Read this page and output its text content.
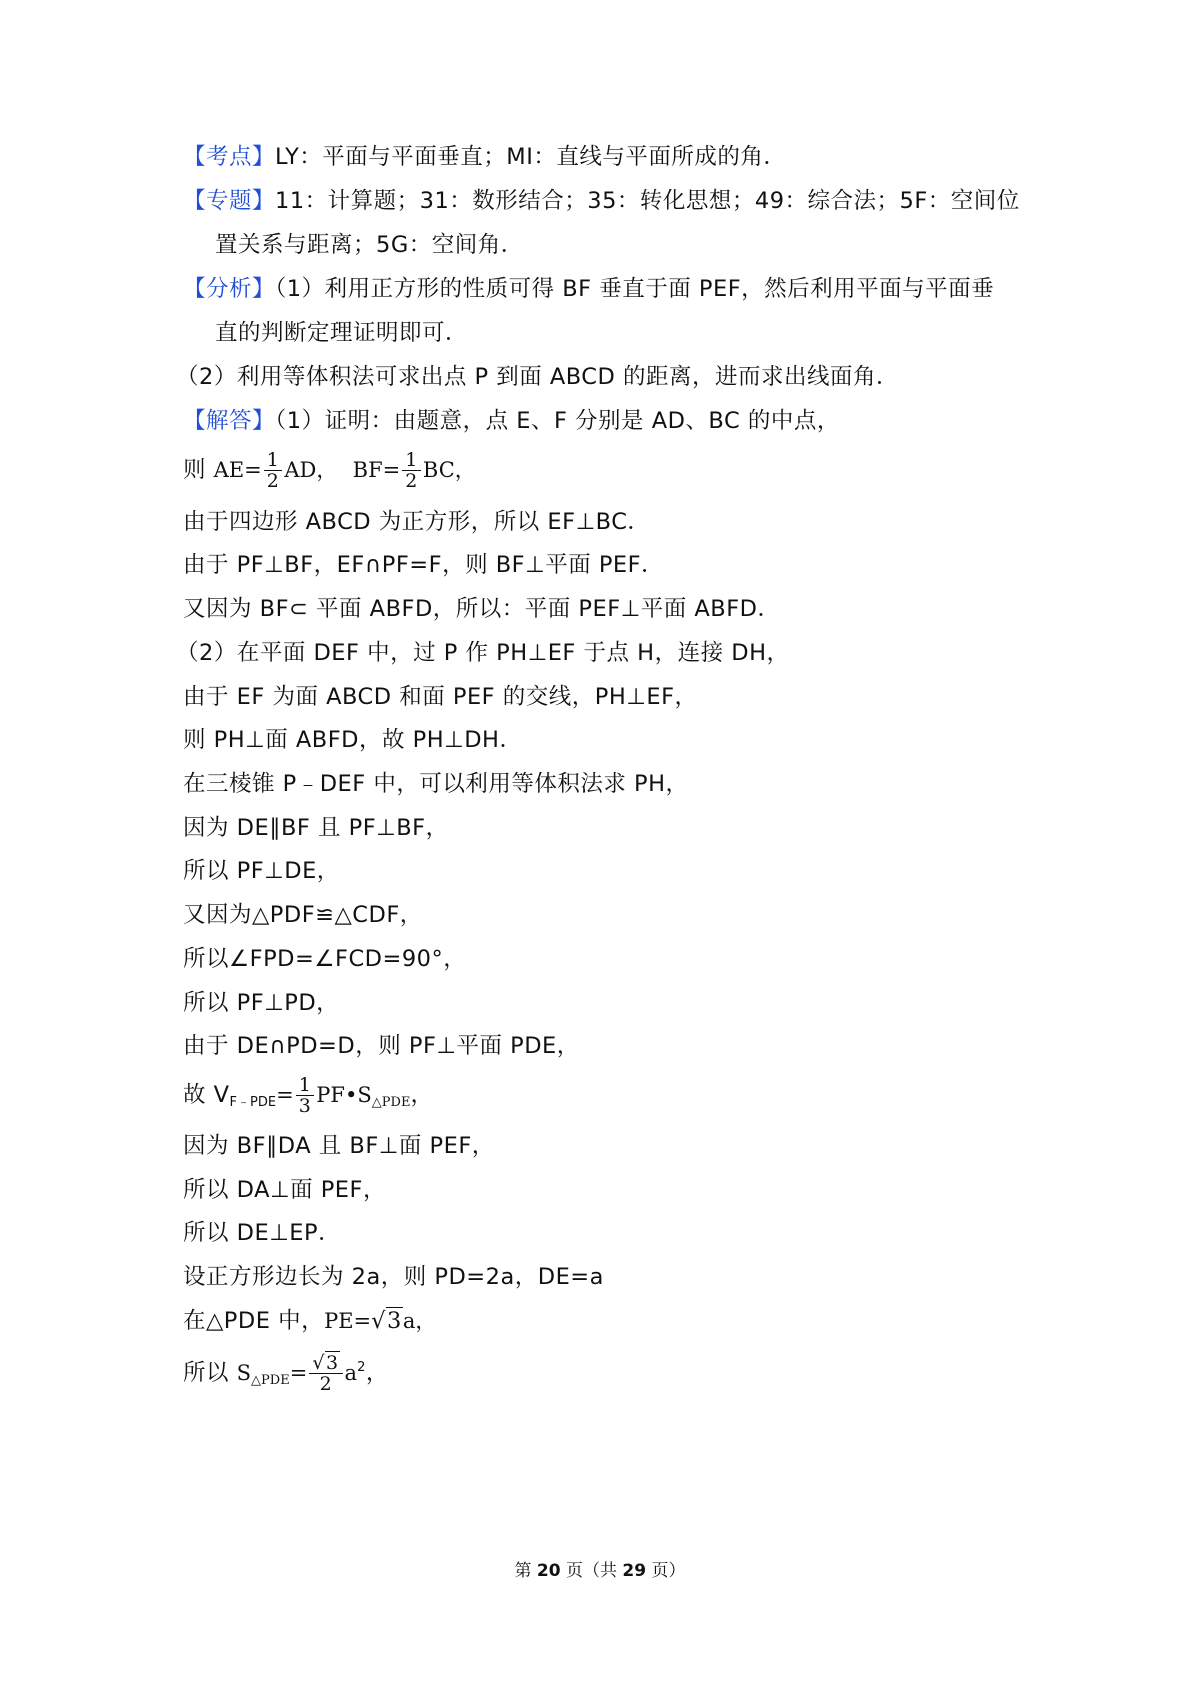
【考点】LY：平面与平面垂直；MI：直线与平面所成的角．
【专题】11：计算题；31：数形结合；35：转化思想；49：综合法；5F：空间位
置关系与距离；5G：空间角．
【分析】（1）利用正方形的性质可得 BF 垂直于面 PEF，然后利用平面与平面垂
直的判断定理证明即可．
（2）利用等体积法可求出点 P 到面 ABCD 的距离，进而求出线面角．
【解答】（1）证明：由题意，点 E、F 分别是 AD、BC 的中点，
则 $AE= \frac{1}{2}$ AD， $BF= \frac{1}{2}$ BC，
由于四边形 ABCD 为正方形，所以 EF⊥BC．
由于 PF⊥BF，EF∩PF=F，则 BF⊥平面 PEF．
又因为 BF⊂ 平面 ABFD，所以：平面 PEF⊥平面 ABFD．
（2）在平面 DEF 中，过 P 作 PH⊥EF 于点 H，连接 DH，
由于 EF 为面 ABCD 和面 PEF 的交线，PH⊥EF，
则 PH⊥面 ABFD，故 PH⊥DH．
在三棱锥 P﹣DEF 中，可以利用等体积法求 PH，
因为 DE∥BF 且 PF⊥BF，
所以 PF⊥DE，
又因为△PDF≌△CDF，
所以∠FPD=∠FCD=90°，
所以 PF⊥PD，
由于 DE∩PD=D，则 PF⊥平面 PDE，
故 $V_{F﹣PDE}= \frac{1}{3}$ $PF•S_{\triangle PDE}$，
因为 BF∥DA 且 BF⊥面 PEF，
所以 DA⊥面 PEF，
所以 DE⊥EP．
设正方形边长为 2a，则 PD=2a，DE=a
在△PDE 中，PE=√3a，
所以 $S_{\triangle PDE}= \frac{√3}{2} a^2$，
第 20 页（共 29 页）
